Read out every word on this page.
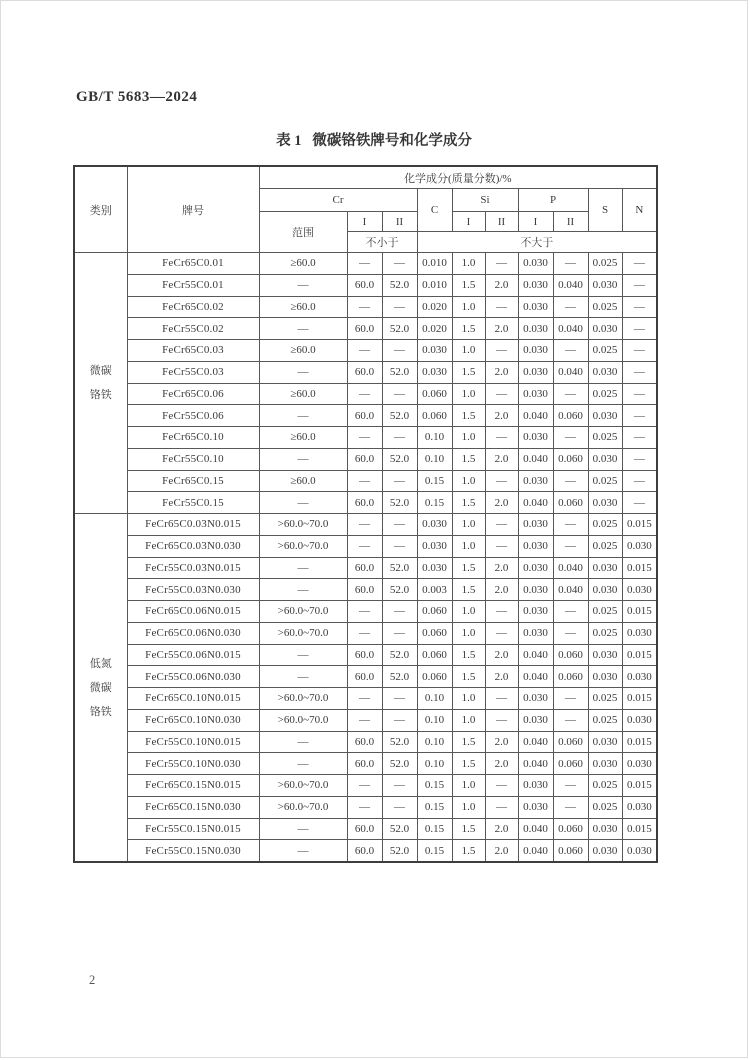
GB/T 5683—2024
表 1   微碳铬铁牌号和化学成分
类别	牌号	化学成分(质量分数)/%									
		Cr			C	Si		P		S	N
		范围	I	II		I	II	I	II		
			不小于		不大于						

微碳
铬铁	FeCr65C0.01	≥60.0	—	—	0.010	1.0	—	0.030	—	0.025	—
	FeCr55C0.01	—	60.0	52.0	0.010	1.5	2.0	0.030	0.040	0.030	—
	FeCr65C0.02	≥60.0	—	—	0.020	1.0	—	0.030	—	0.025	—
	FeCr55C0.02	—	60.0	52.0	0.020	1.5	2.0	0.030	0.040	0.030	—
	FeCr65C0.03	≥60.0	—	—	0.030	1.0	—	0.030	—	0.025	—
	FeCr55C0.03	—	60.0	52.0	0.030	1.5	2.0	0.030	0.040	0.030	—
	FeCr65C0.06	≥60.0	—	—	0.060	1.0	—	0.030	—	0.025	—
	FeCr55C0.06	—	60.0	52.0	0.060	1.5	2.0	0.040	0.060	0.030	—
	FeCr65C0.10	≥60.0	—	—	0.10	1.0	—	0.030	—	0.025	—
	FeCr55C0.10	—	60.0	52.0	0.10	1.5	2.0	0.040	0.060	0.030	—
	FeCr65C0.15	≥60.0	—	—	0.15	1.0	—	0.030	—	0.025	—
	FeCr55C0.15	—	60.0	52.0	0.15	1.5	2.0	0.040	0.060	0.030	—

低氮
微碳
铬铁	FeCr65C0.03N0.015	>60.0~70.0	—	—	0.030	1.0	—	0.030	—	0.025	0.015
	FeCr65C0.03N0.030	>60.0~70.0	—	—	0.030	1.0	—	0.030	—	0.025	0.030
	FeCr55C0.03N0.015	—	60.0	52.0	0.030	1.5	2.0	0.030	0.040	0.030	0.015
	FeCr55C0.03N0.030	—	60.0	52.0	0.003	1.5	2.0	0.030	0.040	0.030	0.030
	FeCr65C0.06N0.015	>60.0~70.0	—	—	0.060	1.0	—	0.030	—	0.025	0.015
	FeCr65C0.06N0.030	>60.0~70.0	—	—	0.060	1.0	—	0.030	—	0.025	0.030
	FeCr55C0.06N0.015	—	60.0	52.0	0.060	1.5	2.0	0.040	0.060	0.030	0.015
	FeCr55C0.06N0.030	—	60.0	52.0	0.060	1.5	2.0	0.040	0.060	0.030	0.030
	FeCr65C0.10N0.015	>60.0~70.0	—	—	0.10	1.0	—	0.030	—	0.025	0.015
	FeCr65C0.10N0.030	>60.0~70.0	—	—	0.10	1.0	—	0.030	—	0.025	0.030
	FeCr55C0.10N0.015	—	60.0	52.0	0.10	1.5	2.0	0.040	0.060	0.030	0.015
	FeCr55C0.10N0.030	—	60.0	52.0	0.10	1.5	2.0	0.040	0.060	0.030	0.030
	FeCr65C0.15N0.015	>60.0~70.0	—	—	0.15	1.0	—	0.030	—	0.025	0.015
	FeCr65C0.15N0.030	>60.0~70.0	—	—	0.15	1.0	—	0.030	—	0.025	0.030
	FeCr55C0.15N0.015	—	60.0	52.0	0.15	1.5	2.0	0.040	0.060	0.030	0.015
	FeCr55C0.15N0.030	—	60.0	52.0	0.15	1.5	2.0	0.040	0.060	0.030	0.030
2
